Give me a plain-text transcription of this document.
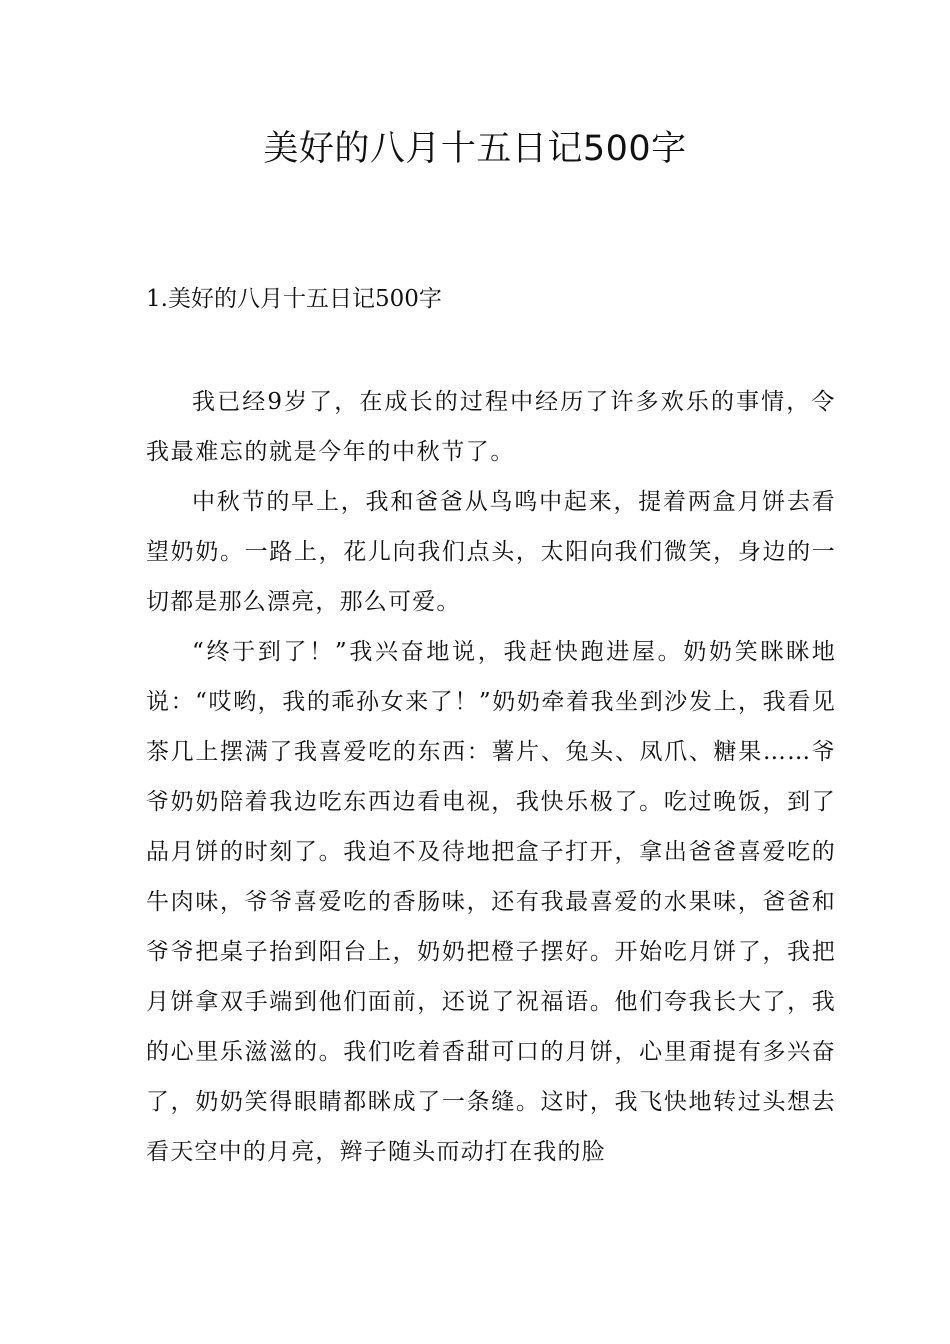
美好的八月十五日记500字
1.美好的八月十五日记500字

我已经9岁了，在成长的过程中经历了许多欢乐的事情，令我最难忘的就是今年的中秋节了。

中秋节的早上，我和爸爸从鸟鸣中起来，提着两盒月饼去看望奶奶。一路上，花儿向我们点头，太阳向我们微笑，身边的一切都是那么漂亮，那么可爱。

“终于到了！”我兴奋地说，我赶快跑进屋。奶奶笑眯眯地说：“哎哟，我的乖孙女来了！”奶奶牵着我坐到沙发上，我看见茶几上摆满了我喜爱吃的东西：薯片、兔头、凤爪、糖果……爷爷奶奶陪着我边吃东西边看电视，我快乐极了。吃过晚饭，到了品月饼的时刻了。我迫不及待地把盒子打开，拿出爸爸喜爱吃的牛肉味，爷爷喜爱吃的香肠味，还有我最喜爱的水果味，爸爸和爷爷把桌子抬到阳台上，奶奶把橙子摆好。开始吃月饼了，我把月饼拿双手端到他们面前，还说了祝福语。他们夸我长大了，我的心里乐滋滋的。我们吃着香甜可口的月饼，心里甭提有多兴奋了，奶奶笑得眼睛都眯成了一条缝。这时，我飞快地转过头想去看天空中的月亮，辫子随头而动打在我的脸
